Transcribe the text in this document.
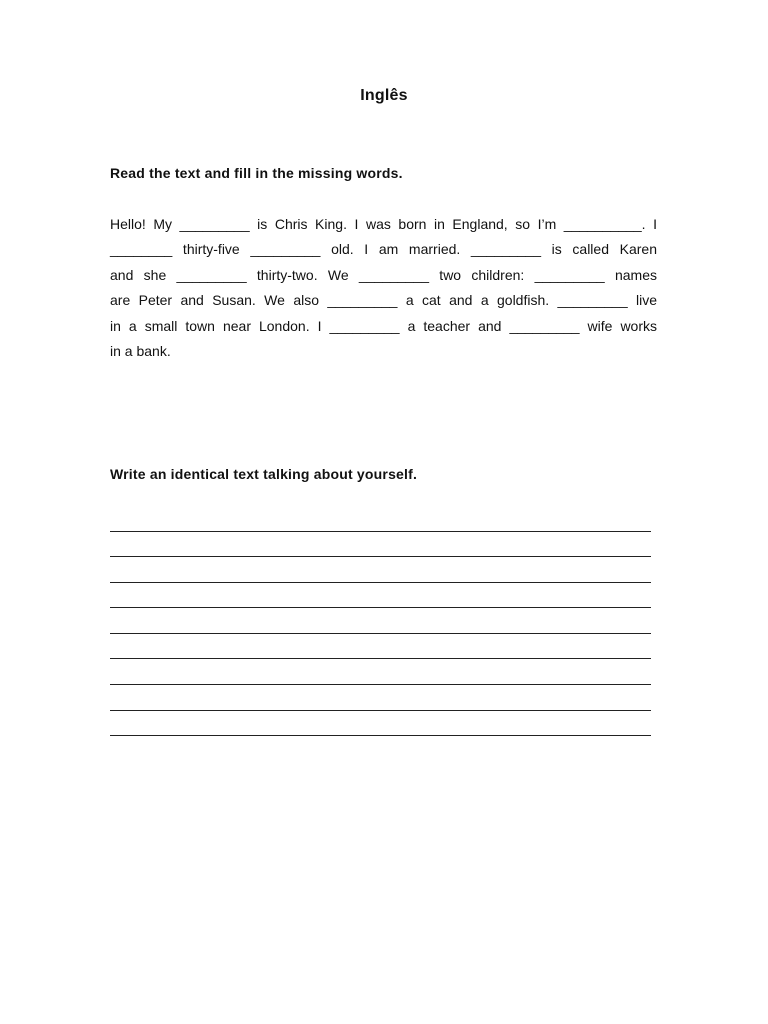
Inglês
Read the text and fill in the missing words.
Hello! My _________ is Chris King. I was born in England, so I’m __________. I
________ thirty-five _________ old. I am married. _________ is called Karen
and she _________ thirty-two. We _________ two children: _________ names
are Peter and Susan. We also _________ a cat and a goldfish. _________ live
in a small town near London. I _________ a teacher and _________ wife works
in a bank.
Write an identical text talking about yourself.
